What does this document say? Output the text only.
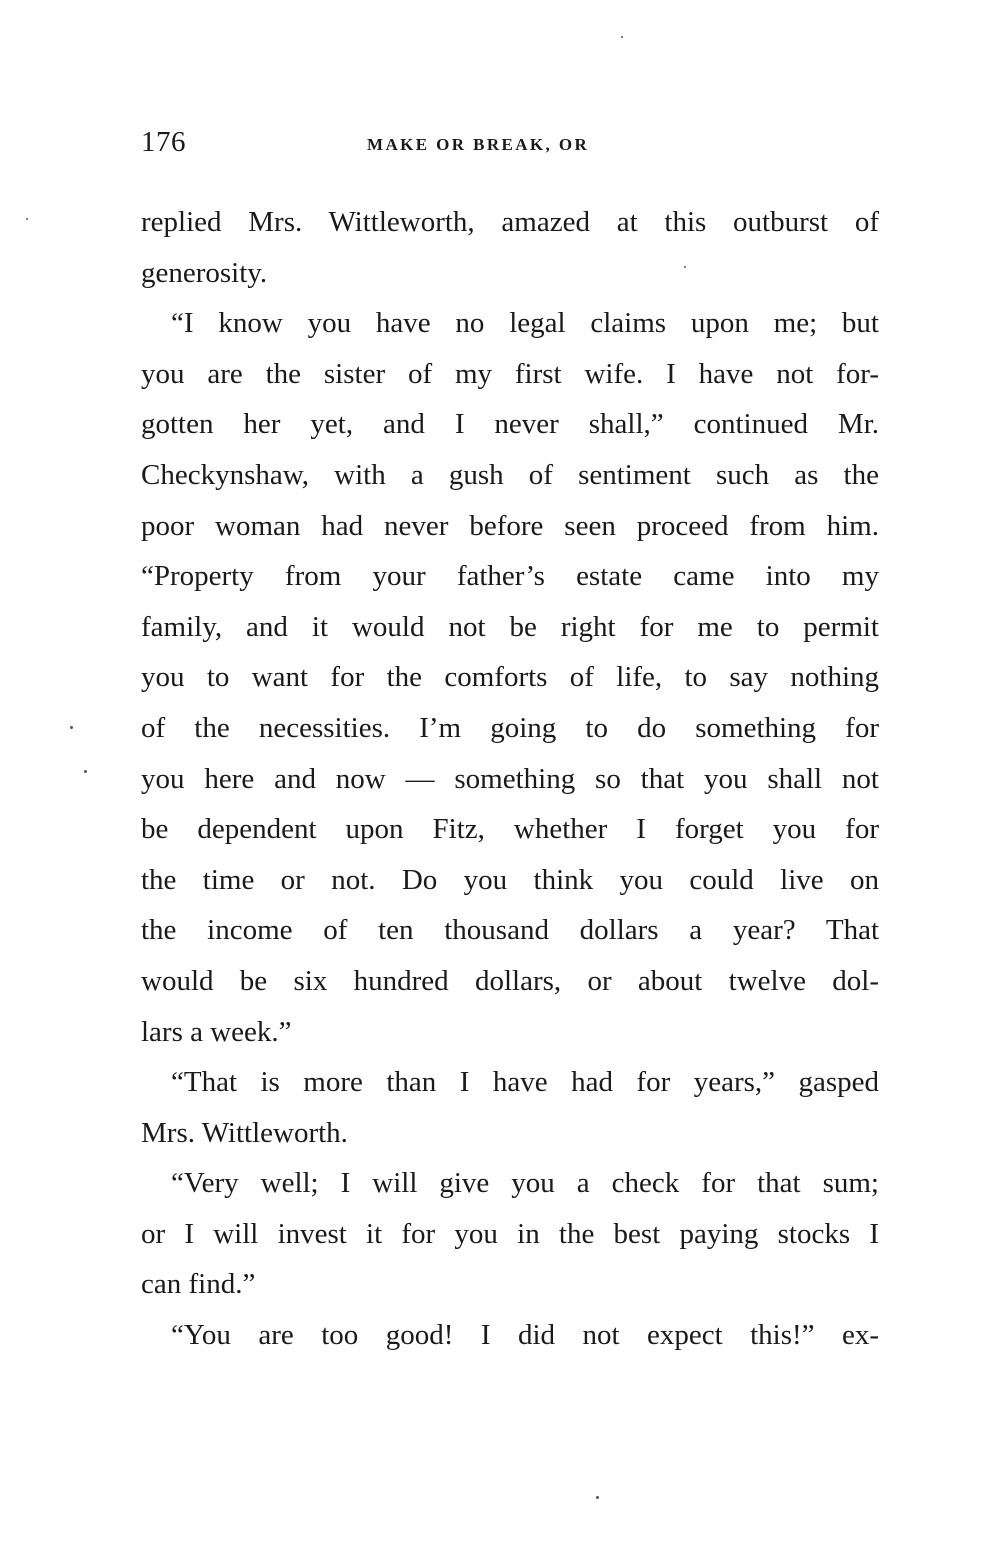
176	MAKE OR BREAK, OR
replied Mrs. Wittleworth, amazed at this outburst of
generosity.
“I know you have no legal claims upon me; but
you are the sister of my first wife. I have not for-
gotten her yet, and I never shall,” continued Mr.
Checkynshaw, with a gush of sentiment such as the
poor woman had never before seen proceed from him.
“Property from your father’s estate came into my
family, and it would not be right for me to permit
you to want for the comforts of life, to say nothing
of the necessities. I’m going to do something for
you here and now — something so that you shall not
be dependent upon Fitz, whether I forget you for
the time or not. Do you think you could live on
the income of ten thousand dollars a year? That
would be six hundred dollars, or about twelve dol-
lars a week.”
“That is more than I have had for years,” gasped
Mrs. Wittleworth.
“Very well; I will give you a check for that sum;
or I will invest it for you in the best paying stocks I
can find.”
“You are too good! I did not expect this!” ex-
